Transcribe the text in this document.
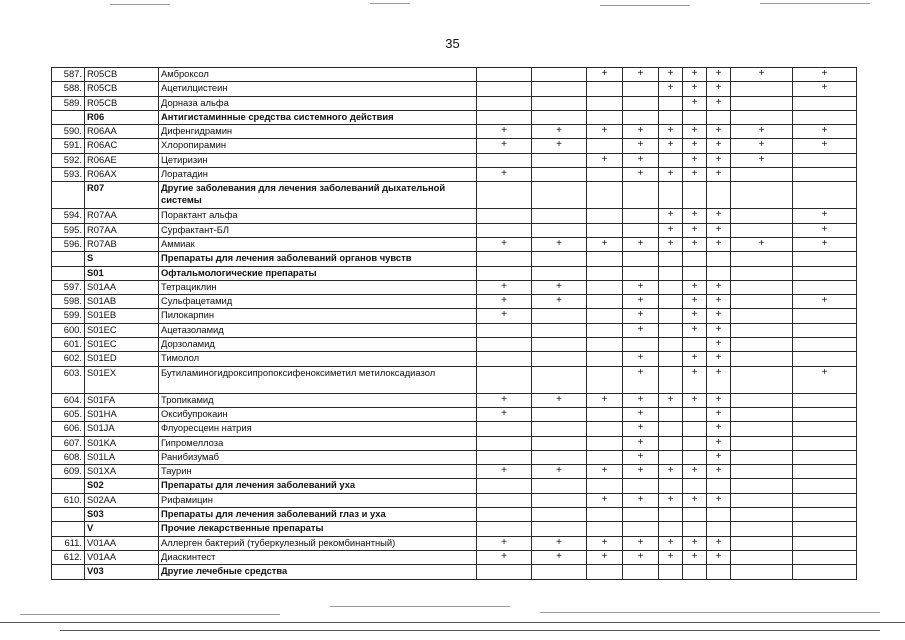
35
587.	R05CB	Амброксол			+	+	+	+	+	+	+
588.	R05CB	Ацетилцистеин					+	+	+		+
589.	R05CB	Дорназа альфа						+	+		
	R06	Антигистаминные средства системного действия									
590.	R06AA	Дифенгидрамин	+	+	+	+	+	+	+	+	+
591.	R06AC	Хлоропирамин	+	+		+	+	+	+	+	+
592.	R06AE	Цетиризин			+	+		+	+	+	
593.	R06AX	Лоратадин	+			+	+	+	+		
	R07	Другие заболевания для лечения заболеваний дыхательной системы									
594.	R07AA	Порактант альфа					+	+	+		+
595.	R07AA	Сурфактант-БЛ					+	+	+		+
596.	R07AB	Аммиак	+	+	+	+	+	+	+	+	+
	S	Препараты для лечения заболеваний органов чувств									
	S01	Офтальмологические препараты									
597.	S01AA	Тетрациклин	+	+		+		+	+		
598.	S01AB	Сульфацетамид	+	+		+		+	+		+
599.	S01EB	Пилокарпин	+			+		+	+		
600.	S01EC	Ацетазоламид				+		+	+		
601.	S01EC	Дорзоламид							+		
602.	S01ED	Тимолол				+		+	+		
603.	S01EX	Бутиламиногидроксипропоксифеноксиметил метилоксадиазол				+		+	+		+
604.	S01FA	Тропикамид	+	+	+	+	+	+	+		
605.	S01HA	Оксибупрокаин	+			+			+		
606.	S01JA	Флуоресцеин натрия				+			+		
607.	S01KA	Гипромеллоза				+			+		
608.	S01LA	Ранибизумаб				+			+		
609.	S01XA	Таурин	+	+	+	+	+	+	+		
	S02	Препараты для лечения заболеваний уха									
610.	S02AA	Рифамицин			+	+	+	+	+		
	S03	Препараты для лечения заболеваний глаз и уха									
	V	Прочие лекарственные препараты									
611.	V01AA	Аллерген бактерий (туберкулезный рекомбинантный)	+	+	+	+	+	+	+		
612.	V01AA	Диаскинтест	+	+	+	+	+	+	+		
	V03	Другие лечебные средства									
